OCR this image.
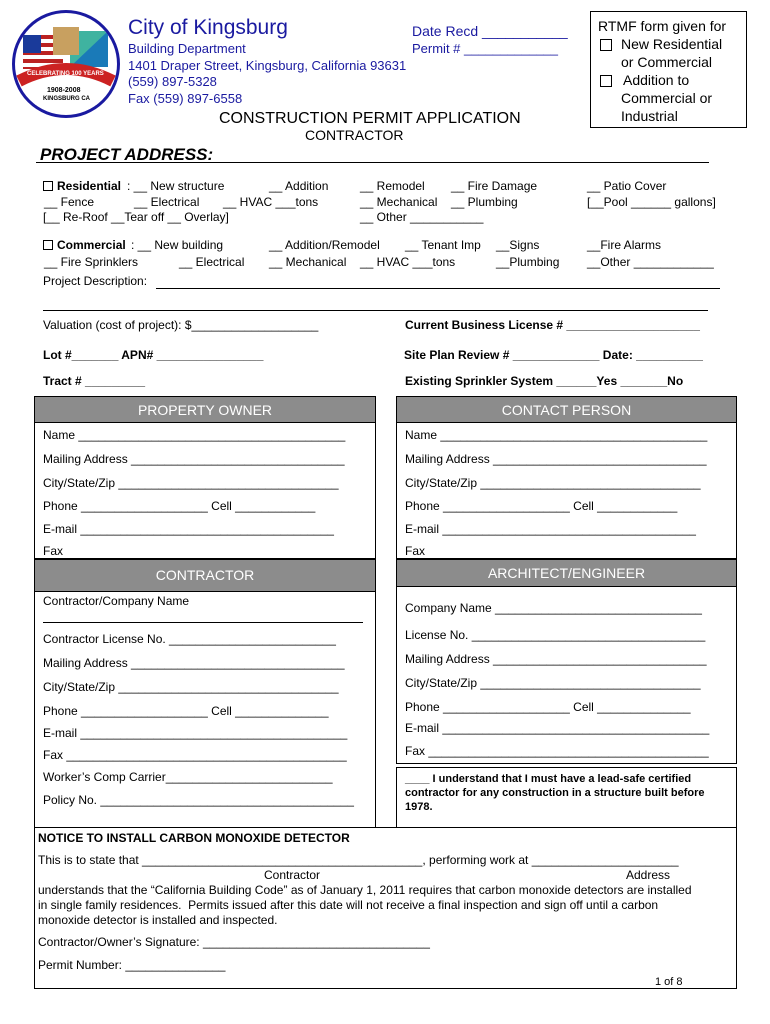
CELEBRATING 100 YEARS
1908-2008
KINGSBURG CA
City of Kingsburg
Building Department
1401 Draper Street, Kingsburg, California 93631
(559) 897-5328
Fax (559) 897-6558
Date Recd ___________
Permit # _____________
CONSTRUCTION PERMIT APPLICATION
CONTRACTOR
RTMF form given for
New Residential
or Commercial
Addition to
Commercial or
Industrial
PROJECT ADDRESS:
Residential : __ New structure	__ Addition	__ Remodel __ Fire Damage	__ Patio Cover
__ Fence	__ Electrical __ HVAC ___tons	__ Mechanical __ Plumbing	[__Pool ______ gallons]
[__ Re-Roof __Tear off __ Overlay]	__ Other ___________
Commercial : __ New building	__ Addition/Remodel __ Tenant Imp __Signs	__Fire Alarms
__ Fire Sprinklers	__ Electrical __ Mechanical __ HVAC ___tons	__Plumbing __Other ____________
Project Description:
Valuation (cost of project): $___________________	Current Business License # ____________________
Lot #_______ APN# ________________	Site Plan Review # _____________ Date: __________
Tract # _________	Existing Sprinkler System ______Yes _______No
PROPERTY OWNER
Name ________________________________________
Mailing Address ________________________________
City/State/Zip _________________________________
Phone ___________________ Cell ____________
E-mail ______________________________________
Fax
CONTACT PERSON
Name ________________________________________
Mailing Address ________________________________
City/State/Zip _________________________________
Phone ___________________ Cell ____________
E-mail ______________________________________
Fax
CONTRACTOR
Contractor/Company Name
Contractor License No. _________________________
Mailing Address ________________________________
City/State/Zip _________________________________
Phone ___________________ Cell ______________
E-mail ________________________________________
Fax __________________________________________
Worker’s Comp Carrier_________________________
Policy No. ______________________________________
ARCHITECT/ENGINEER
Company Name _______________________________
License No. ___________________________________
Mailing Address ________________________________
City/State/Zip _________________________________
Phone ___________________ Cell ______________
E-mail ________________________________________
Fax __________________________________________
____ I understand that I must have a lead-safe certified
contractor for any construction in a structure built before
1978.
NOTICE TO INSTALL CARBON MONOXIDE DETECTOR
This is to state that __________________________________________, performing work at ______________________
Contractor	Address
understands that the “California Building Code” as of January 1, 2011 requires that carbon monoxide detectors are installed
in single family residences.  Permits issued after this date will not receive a final inspection and sign off until a carbon
monoxide detector is installed and inspected.
Contractor/Owner’s Signature: __________________________________
Permit Number: _______________
1 of 8
